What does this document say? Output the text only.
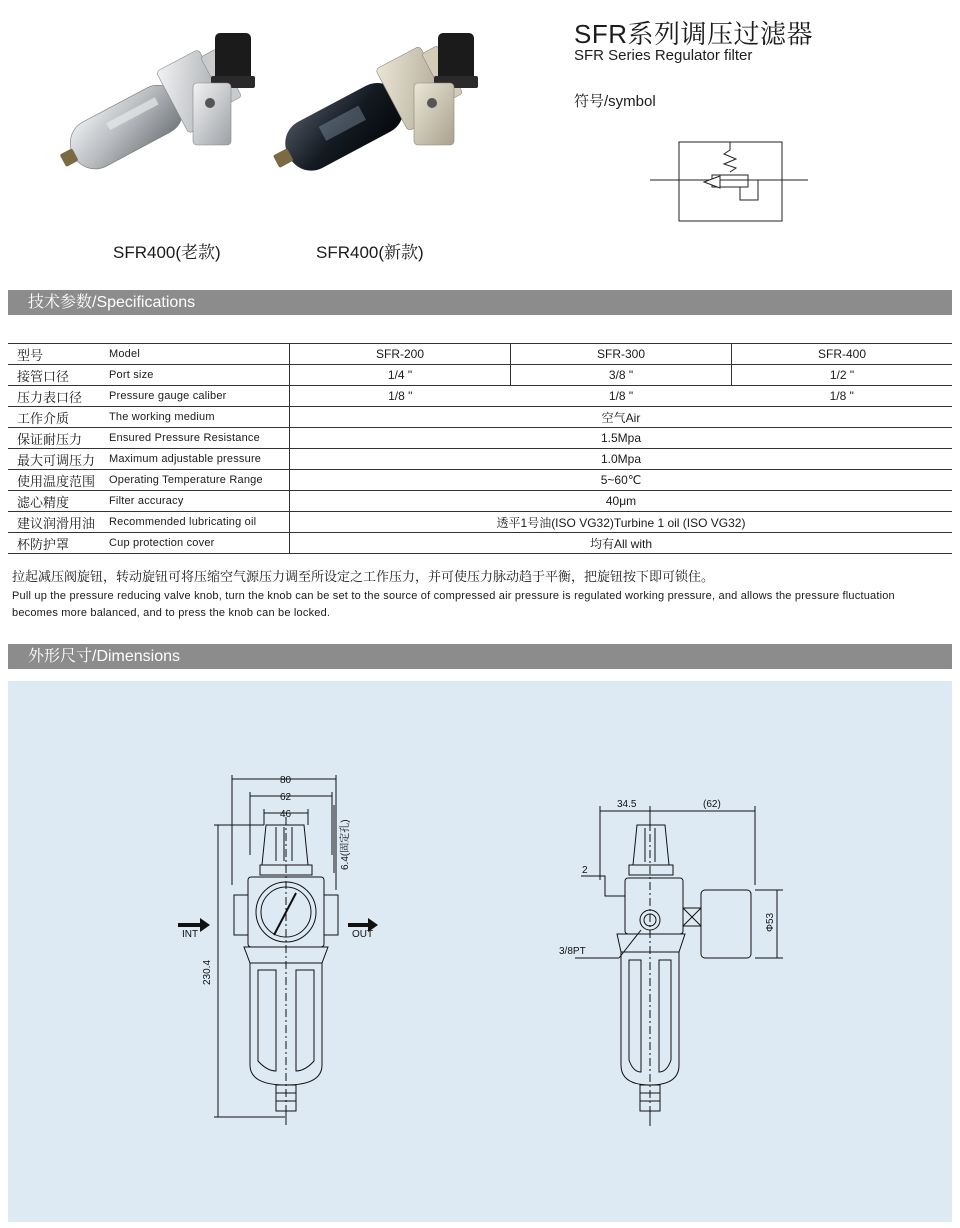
SFR系列调压过滤器
SFR Series Regulator filter
符号/symbol
SFR400(老款)	SFR400(新款)
技术参数/Specifications
型号	Model	SFR-200	SFR-300	SFR-400
接管口径	Port size	1/4 "	3/8 "	1/2 "
压力表口径	Pressure gauge caliber	1/8 "	1/8 "	1/8 "
工作介质	The working medium	空气Air		
保证耐压力	Ensured Pressure Resistance	1.5Mpa		
最大可调压力	Maximum adjustable pressure	1.0Mpa		
使用温度范围	Operating Temperature Range	5~60℃		
滤心精度	Filter accuracy	40μm		
建议润滑用油	Recommended lubricating oil	透平1号油(ISO VG32)Turbine 1 oil (ISO VG32)		
杯防护罩	Cup protection cover	均有All with		
拉起减压阀旋钮，转动旋钮可将压缩空气源压力调至所设定之工作压力，并可使压力脉动趋于平衡，把旋钮按下即可锁住。
Pull up the pressure reducing valve knob, turn the knob can be set to the source of compressed air pressure is regulated working pressure, and allows the pressure fluctuation becomes more balanced, and to press the knob can be locked.
外形尺寸/Dimensions
80
62
46
6.4(固定孔)
230.4
INT	OUT
34.5	(62)
2
3/8PT
Φ53
